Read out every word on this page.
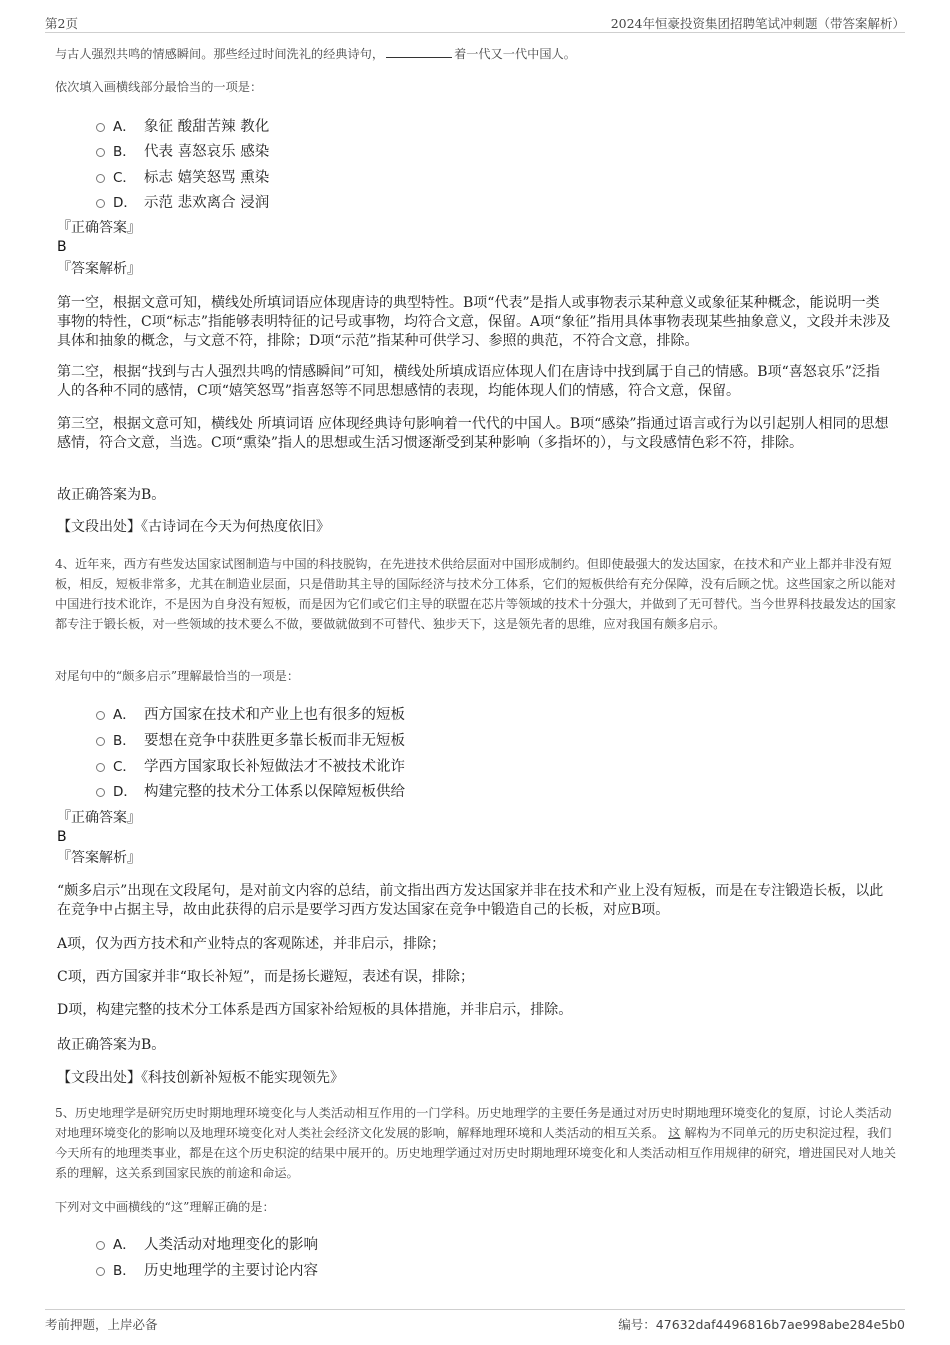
第2页	2024年恒豪投资集团招聘笔试冲刺题（带答案解析）
与古人强烈共鸣的情感瞬间。那些经过时间洗礼的经典诗句，	着一代又一代中国人。
依次填入画横线部分最恰当的一项是：
A． 象征 酸甜苦辣 教化
B． 代表 喜怒哀乐 感染
C． 标志 嬉笑怒骂 熏染
D． 示范 悲欢离合 浸润
『正确答案』
B
『答案解析』
第一空，根据文意可知，横线处所填词语应体现唐诗的典型特性。B项“代表”是指人或事物表示某种意义或象征某种概念，能说明一类事物的特性，C项“标志”指能够表明特征的记号或事物，均符合文意，保留。A项“象征”指用具体事物表现某些抽象意义，文段并未涉及具体和抽象的概念，与文意不符，排除；D项“示范”指某种可供学习、参照的典范，不符合文意，排除。
第二空，根据“找到与古人强烈共鸣的情感瞬间”可知，横线处所填成语应体现人们在唐诗中找到属于自己的情感。B项“喜怒哀乐”泛指人的各种不同的感情，C项“嬉笑怒骂”指喜怒等不同思想感情的表现，均能体现人们的情感，符合文意，保留。
第三空，根据文意可知，横线处 所填词语 应体现经典诗句影响着一代代的中国人。B项“感染”指通过语言或行为以引起别人相同的思想感情，符合文意，当选。C项“熏染”指人的思想或生活习惯逐渐受到某种影响（多指坏的），与文段感情色彩不符，排除。
故正确答案为B。
【文段出处】《古诗词在今天为何热度依旧》
4、近年来，西方有些发达国家试图制造与中国的科技脱钩，在先进技术供给层面对中国形成制约。但即使最强大的发达国家，在技术和产业上都并非没有短板，相反，短板非常多，尤其在制造业层面，只是借助其主导的国际经济与技术分工体系，它们的短板供给有充分保障，没有后顾之忧。这些国家之所以能对中国进行技术讹诈，不是因为自身没有短板，而是因为它们或它们主导的联盟在芯片等领域的技术十分强大，并做到了无可替代。当今世界科技最发达的国家都专注于锻长板，对一些领域的技术要么不做，要做就做到不可替代、独步天下，这是领先者的思维，应对我国有颇多启示。
对尾句中的“颇多启示”理解最恰当的一项是：
A． 西方国家在技术和产业上也有很多的短板
B． 要想在竞争中获胜更多靠长板而非无短板
C． 学西方国家取长补短做法才不被技术讹诈
D． 构建完整的技术分工体系以保障短板供给
『正确答案』
B
『答案解析』
“颇多启示”出现在文段尾句，是对前文内容的总结，前文指出西方发达国家并非在技术和产业上没有短板，而是在专注锻造长板，以此在竞争中占据主导，故由此获得的启示是要学习西方发达国家在竞争中锻造自己的长板，对应B项。
A项，仅为西方技术和产业特点的客观陈述，并非启示，排除；
C项，西方国家并非“取长补短”，而是扬长避短，表述有误，排除；
D项，构建完整的技术分工体系是西方国家补给短板的具体措施，并非启示，排除。
故正确答案为B。
【文段出处】《科技创新补短板不能实现领先》
5、历史地理学是研究历史时期地理环境变化与人类活动相互作用的一门学科。历史地理学的主要任务是通过对历史时期地理环境变化的复原，讨论人类活动对地理环境变化的影响以及地理环境变化对人类社会经济文化发展的影响，解释地理环境和人类活动的相互关系。 这 解构为不同单元的历史积淀过程，我们今天所有的地理类事业，都是在这个历史积淀的结果中展开的。历史地理学通过对历史时期地理环境变化和人类活动相互作用规律的研究，增进国民对人地关系的理解，这关系到国家民族的前途和命运。
下列对文中画横线的“这”理解正确的是：
A． 人类活动对地理变化的影响
B． 历史地理学的主要讨论内容
考前押题，上岸必备	编号：47632daf4496816b7ae998abe284e5b0
